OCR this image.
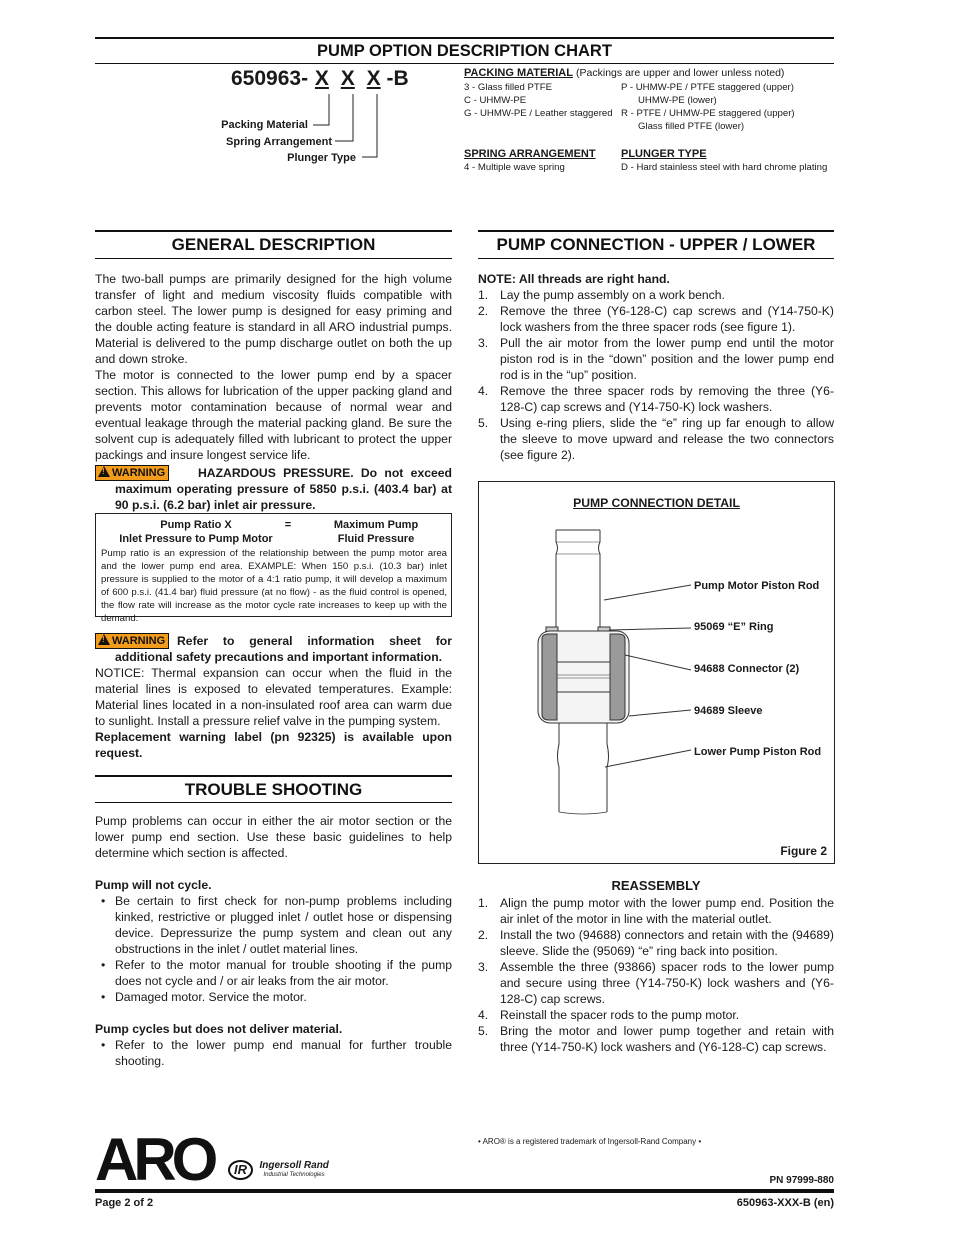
PUMP OPTION DESCRIPTION CHART
650963- X X X -B
Packing Material
Spring Arrangement
Plunger Type
PACKING MATERIAL (Packings are upper and lower unless noted)
3 - Glass filled PTFE
C - UHMW-PE
G - UHMW-PE / Leather staggered
P - UHMW-PE / PTFE staggered (upper)
UHMW-PE (lower)
R - PTFE / UHMW-PE staggered (upper)
Glass filled PTFE (lower)
SPRING ARRANGEMENT
4 - Multiple wave spring
PLUNGER TYPE
D - Hard stainless steel with hard chrome plating
GENERAL DESCRIPTION
The two-ball pumps are primarily designed for the high volume transfer of light and medium viscosity fluids compatible with carbon steel. The lower pump is designed for easy priming and the double acting feature is standard in all ARO industrial pumps. Material is delivered to the pump discharge outlet on both the up and down stroke.
The motor is connected to the lower pump end by a spacer section. This allows for lubrication of the upper packing gland and prevents motor contamination because of normal wear and eventual leakage through the material packing gland. Be sure the solvent cup is adequately filled with lubricant to protect the upper packings and insure longest service life.
!WARNING	HAZARDOUS PRESSURE. Do not exceed maximum operating pressure of 5850 p.s.i. (403.4 bar) at 90 p.s.i. (6.2 bar) inlet air pressure.
Pump Ratio X
Inlet Pressure to Pump Motor
=	Maximum Pump
Fluid Pressure
Pump ratio is an expression of the relationship between the pump motor area and the lower pump end area. EXAMPLE: When 150 p.s.i. (10.3 bar) inlet pressure is supplied to the motor of a 4:1 ratio pump, it will develop a maximum of 600 p.s.i. (41.4 bar) fluid pressure (at no flow) - as the fluid control is opened, the flow rate will increase as the motor cycle rate increases to keep up with the demand.
!WARNING Refer to general information sheet for additional safety precautions and important information.
NOTICE: Thermal expansion can occur when the fluid in the material lines is exposed to elevated temperatures. Example: Material lines located in a non-insulated roof area can warm due to sunlight. Install a pressure relief valve in the pumping system.
Replacement warning label (pn 92325) is available upon request.
TROUBLE SHOOTING
Pump problems can occur in either the air motor section or the lower pump end section. Use these basic guidelines to help determine which section is affected.
Pump will not cycle.
• Be certain to first check for non-pump problems including kinked, restrictive or plugged inlet / outlet hose or dispensing device. Depressurize the pump system and clean out any obstructions in the inlet / outlet material lines.
• Refer to the motor manual for trouble shooting if the pump does not cycle and / or air leaks from the air motor.
• Damaged motor. Service the motor.
Pump cycles but does not deliver material.
• Refer to the lower pump end manual for further trouble shooting.
PUMP CONNECTION - UPPER / LOWER
NOTE: All threads are right hand.
1. Lay the pump assembly on a work bench.
2. Remove the three (Y6-128-C) cap screws and (Y14-750-K) lock washers from the three spacer rods (see figure 1).
3. Pull the air motor from the lower pump end until the motor piston rod is in the “down” position and the lower pump end rod is in the “up” position.
4. Remove the three spacer rods by removing the three (Y6-128-C) cap screws and (Y14-750-K) lock washers.
5. Using e-ring pliers, slide the “e” ring up far enough to allow the sleeve to move upward and release the two connectors (see figure 2).
PUMP CONNECTION DETAIL
Pump Motor Piston Rod
95069 “E” Ring
94688 Connector (2)
94689 Sleeve
Lower Pump Piston Rod
Figure 2
REASSEMBLY
1. Align the pump motor with the lower pump end. Position the air inlet of the motor in line with the material outlet.
2. Install the two (94688) connectors and retain with the (94689) sleeve. Slide the (95069) “e” ring back into position.
3. Assemble the three (93866) spacer rods to the lower pump and secure using three (Y14-750-K) lock washers and (Y6-128-C) cap screws.
4. Reinstall the spacer rods to the pump motor.
5. Bring the motor and lower pump together and retain with three (Y14-750-K) lock washers and (Y6-128-C) cap screws.
• ARO® is a registered trademark of Ingersoll-Rand Company •
ARO	IR Ingersoll Rand
Industrial Technologies	PN 97999-880
Page 2 of 2	650963-XXX-B (en)
